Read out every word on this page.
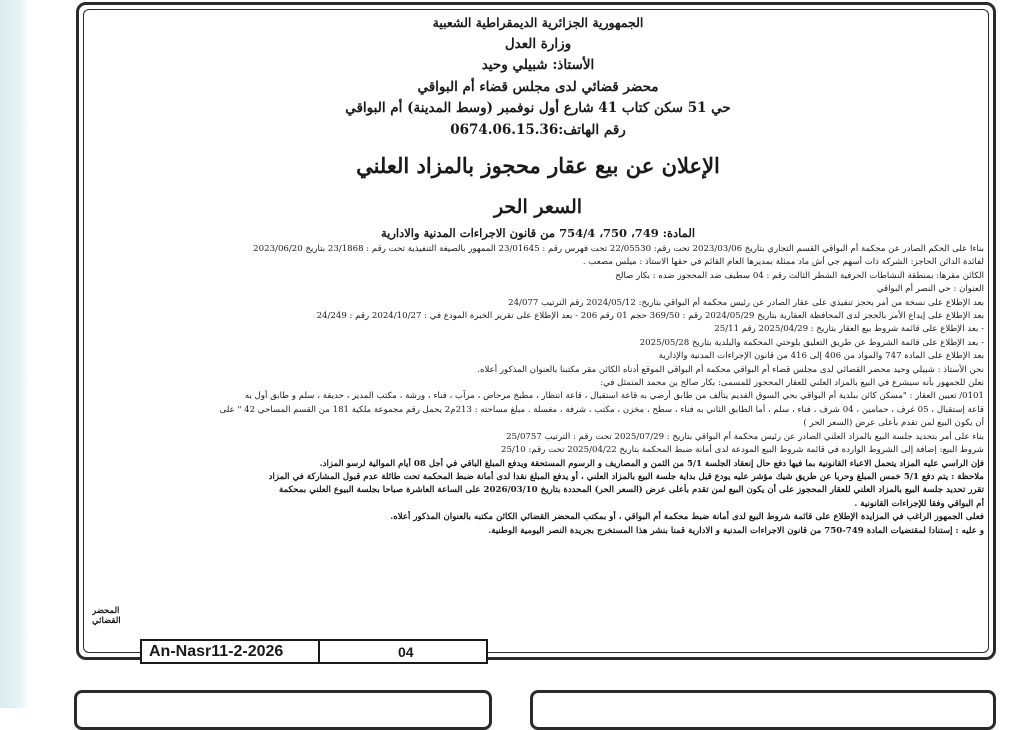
الجمهورية الجزائرية الديمقراطية الشعبية
وزارة العدل
الأستاذ: شبيلي وحيد
محضر قضائي لدى مجلس قضاء أم البواقي
حي 51 سكن كتاب 41 شارع أول نوفمبر (وسط المدينة) أم البواقي
رقم الهاتف:0674.06.15.36
الإعلان عن بيع عقار محجوز بالمزاد العلني
السعر الحر
المادة: 749، 750، 754/4 من قانون الاجراءات المدنية والادارية
بناءا على الحكم الصادر عن محكمة أم البواقي القسم التجاري بتاريخ 2023/03/06 تحت رقم: 22/05530 تحت فهرس رقم : 23/01645 الممهور بالصيغة التنفيذية تحت رقم : 23/1868 بتاريخ 2023/06/20
لفائدة الدائن الحاجز: الشركة ذات أسهم جي أش ماد ممثلة بمديرها العام القائم في حقها الاستاذ : ميلس مصعب .
الكائن مقرها: بمنطقة النشاطات الحرفية الشطر الثالث رقم : 04 سطيف ضد المحجوز ضده : بكار صالح
العنوان : حي النصر أم البواقي
بعد الإطلاع على نسخة من أمر بحجز تنفيذي على عقار الصادر عن رئيس محكمة أم البواقي بتاريخ: 2024/05/12 رقم الترتيب 24/077
بعد الإطلاع على إيداع الأمر بالحجز لدى المحافظة العقارية بتاريخ 2024/05/29 رقم : 369/50 حجم 01 رقم 206 - بعد الإطلاع على تقرير الخبرة المودع في : 2024/10/27 رقم : 24/249
- بعد الإطلاع على قائمة شروط بيع العقار بتاريخ : 2025/04/29 رقم 25/11
- بعد الإطلاع على قائمة الشروط عن طريق التعليق بلوحتي المحكمة والبلدية بتاريخ 2025/05/28
بعد الإطلاع على المادة 747 والمواد من 406 إلى 416 من قانون الإجراءات المدنية والإدارية
نحن الأستاذ : شبيلي وحيد محضر القضائي لدى مجلس قضاء أم البواقي محكمة أم البواقي الموقع أدناه الكائن مقر مكتبنا بالعنوان المذكور أعلاه.
نعلن للجمهور بأنه سيشرع في البيع بالمزاد العلني للعقار المحجوز للمسمى: بكار صالح بن محمد المتمثل في:
0101/ تعيين العقار : "مسكن كائن ببلدية أم البواقي بحي السوق القديم يتألف من طابق أرضي به قاعة استقبال ، قاعة انتظار ، مطبخ مرحاض ، مرآب ، فناء ، ورشة ، مكتب المدير ، حديقة ، سلم و طابق أول به
قاعة إستقبال ، 05 غرف ، حمامين ، 04 شرف ، فناء ، سلم ، أما الطابق الثاني به فناء ، سطح ، مخزن ، مكتب ، شرفة ، مغسلة . مبلغ مساحته : 213م2 يحمل رقم مجموعة ملكية 181 من القسم المساحي 42 " على
أن يكون البيع لمن تقدم بأعلى عرض (السعر الحر )
بناء على أمر بتحديد جلسة البيع بالمزاد العلني الصادر عن رئيس محكمة أم البواقي بتاريخ : 2025/07/29 تحت رقم : الترتيب 25/0757
شروط البيع: إضافة إلى الشروط الواردة في قائمة شروط البيع المودعة لدى أمانة ضبط المحكمة بتاريخ 2025/04/22 تحت رقم: 25/10
فإن الراسي عليه المزاد يتحمل الاعباء القانونية بما فيها دفع حال إنعقاد الجلسة 5/1 من الثمن و المصاريف و الرسوم المستحقة ويدفع المبلغ الباقي في أجل 08 أيام الموالية لرسو المزاد.
ملاحظة : يتم دفع 5/1 خمس المبلغ وحربا عن طريق شيك مؤشر عليه يودع قبل بداية جلسة البيع بالمزاد العلني ، أو يدفع المبلغ نقدا لدى أمانة ضبط المحكمة تحت طائلة عدم قبول المشاركة في المزاد
تقرر تحديد جلسة البيع بالمزاد العلني للعقار المحجوز على أن يكون البيع لمن تقدم بأعلى عرض (السعر الحر) المحددة بتاريخ 2026/03/10 على الساعة العاشرة صباحا بجلسة البيوع العلني بمحكمة
أم البواقي وفقا للإجراءات القانونية .
فعلى الجمهور الراغب في المزايدة الإطلاع على قائمة شروط البيع لدى أمانة ضبط محكمة أم البواقي ، أو بمكتب المحضر القضائي الكائن مكتبه بالعنوان المذكور أعلاه.
و عليه : إستنادا لمقتضيات المادة 749-750 من قانون الاجراءات المدنية و الادارية قمنا بنشر هذا المستخرج بجريدة النصر اليومية الوطنية.
المحضر القضائي
An-Nasr11-2-2026	04
